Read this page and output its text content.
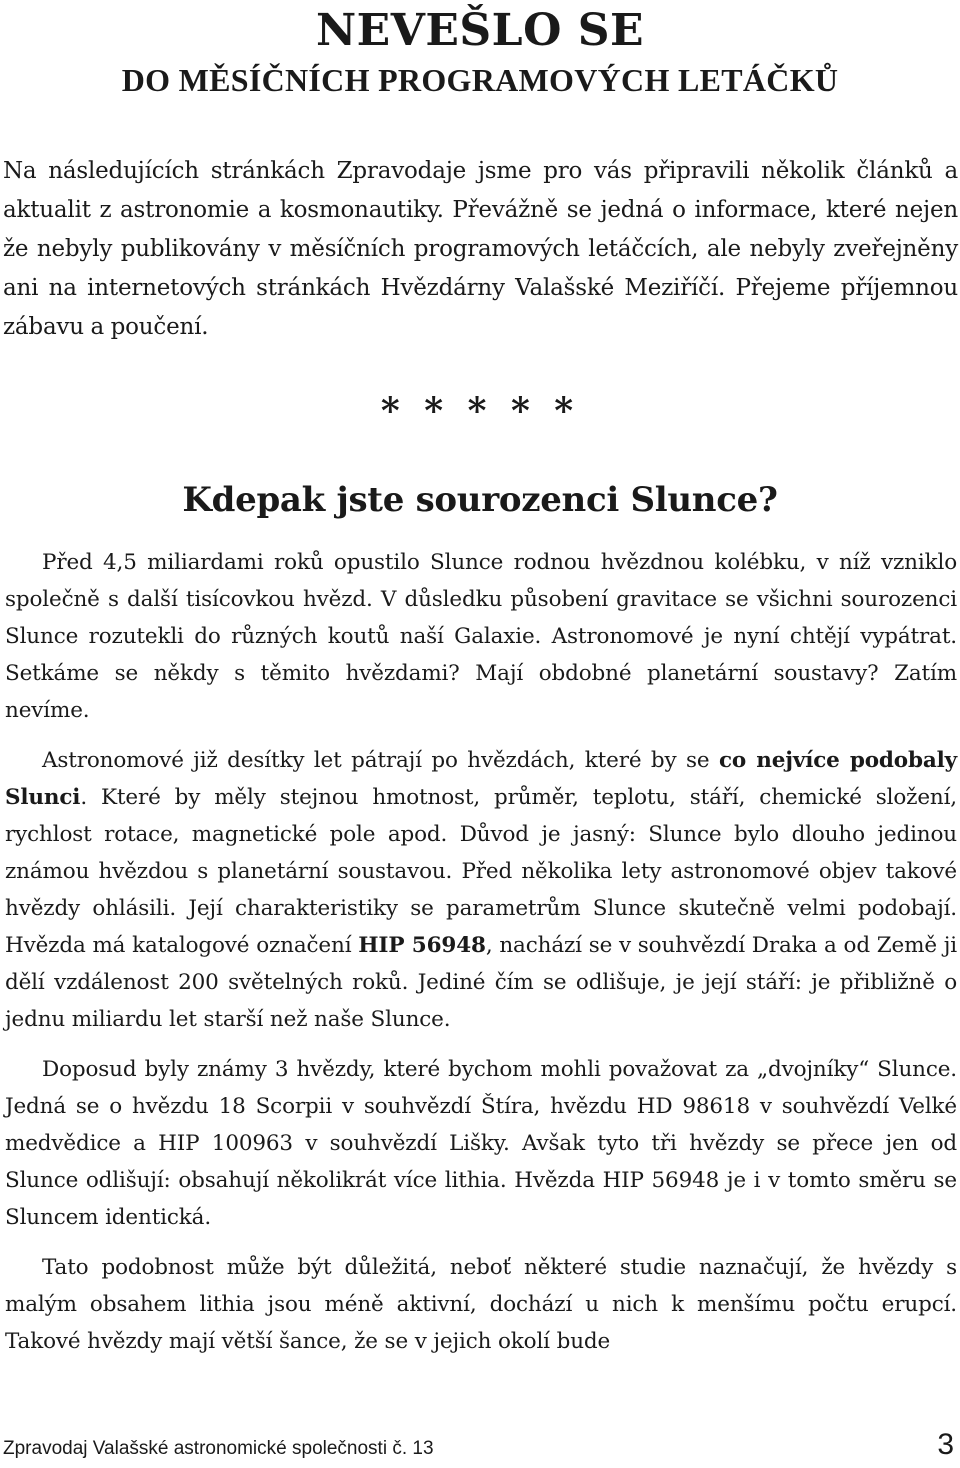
NEVEŠLO SE
DO MĚSÍČNÍCH PROGRAMOVÝCH LETÁČKŮ

Na následujících stránkách Zpravodaje jsme pro vás připravili několik článků a aktualit z astronomie a kosmonautiky. Převážně se jedná o informace, které nejen že nebyly publikovány v měsíčních programových letáčcích, ale nebyly zveřejněny ani na internetových stránkách Hvězdárny Valašské Meziříčí. Přejeme příjemnou zábavu a poučení.

* * * * *
Kdepak jste sourozenci Slunce?

Před 4,5 miliardami roků opustilo Slunce rodnou hvězdnou kolébku, v níž vzniklo společně s další tisícovkou hvězd. V důsledku působení gravitace se všichni sourozenci Slunce rozutekli do různých koutů naší Galaxie. Astronomové je nyní chtějí vypátrat. Setkáme se někdy s těmito hvězdami? Mají obdobné planetární soustavy? Zatím nevíme.

Astronomové již desítky let pátrají po hvězdách, které by se co nejvíce podobaly Slunci. Které by měly stejnou hmotnost, průměr, teplotu, stáří, chemické složení, rychlost rotace, magnetické pole apod. Důvod je jasný: Slunce bylo dlouho jedinou známou hvězdou s planetární soustavou. Před několika lety astronomové objev takové hvězdy ohlásili. Její charakteristiky se parametrům Slunce skutečně velmi podobají. Hvězda má katalogové označení HIP 56948, nachází se v souhvězdí Draka a od Země ji dělí vzdálenost 200 světelných roků. Jediné čím se odlišuje, je její stáří: je přibližně o jednu miliardu let starší než naše Slunce.

Doposud byly známy 3 hvězdy, které bychom mohli považovat za „dvojníky“ Slunce. Jedná se o hvězdu 18 Scorpii v souhvězdí Štíra, hvězdu HD 98618 v souhvězdí Velké medvědice a HIP 100963 v souhvězdí Lišky. Avšak tyto tři hvězdy se přece jen od Slunce odlišují: obsahují několikrát více lithia. Hvězda HIP 56948 je i v tomto směru se Sluncem identická.

Tato podobnost může být důležitá, neboť některé studie naznačují, že hvězdy s malým obsahem lithia jsou méně aktivní, dochází u nich k menšímu počtu erupcí. Takové hvězdy mají větší šance, že se v jejich okolí bude

Zpravodaj Valašské astronomické společnosti č. 13	3
